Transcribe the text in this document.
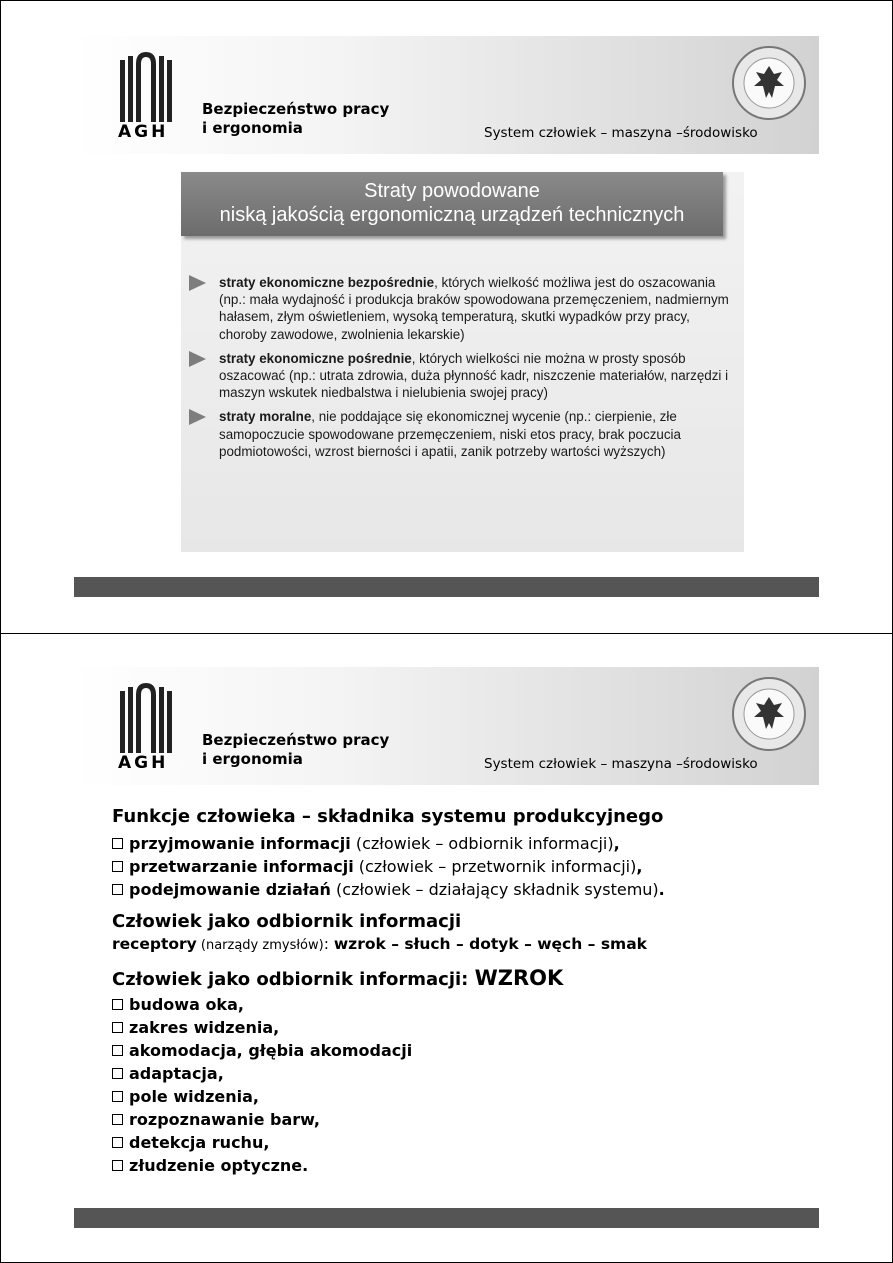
AGH
Bezpieczeństwo pracy
i ergonomia	System człowiek – maszyna –środowisko
Straty powodowane
niską jakością ergonomiczną urządzeń technicznych
straty ekonomiczne bezpośrednie, których wielkość możliwa jest do oszacowania (np.: mała wydajność i produkcja braków spowodowana przemęczeniem, nadmiernym hałasem, złym oświetleniem, wysoką temperaturą, skutki wypadków przy pracy, choroby zawodowe, zwolnienia lekarskie)
straty ekonomiczne pośrednie, których wielkości nie można w prosty sposób oszacować (np.: utrata zdrowia, duża płynność kadr, niszczenie materiałów, narzędzi i maszyn wskutek niedbalstwa i nielubienia swojej pracy)
straty moralne, nie poddające się ekonomicznej wycenie (np.: cierpienie, złe samopoczucie spowodowane przemęczeniem, niski etos pracy, brak poczucia podmiotowości, wzrost bierności i apatii, zanik potrzeby wartości wyższych)
AGH
Bezpieczeństwo pracy
i ergonomia	System człowiek – maszyna –środowisko
Funkcje człowieka – składnika systemu produkcyjnego
przyjmowanie informacji (człowiek – odbiornik informacji),
przetwarzanie informacji (człowiek – przetwornik informacji),
podejmowanie działań (człowiek – działający składnik systemu).
Człowiek jako odbiornik informacji
receptory (narządy zmysłów): wzrok – słuch – dotyk – węch – smak
Człowiek jako odbiornik informacji: WZROK
budowa oka,
zakres widzenia,
akomodacja, głębia akomodacji
adaptacja,
pole widzenia,
rozpoznawanie barw,
detekcja ruchu,
złudzenie optyczne.
